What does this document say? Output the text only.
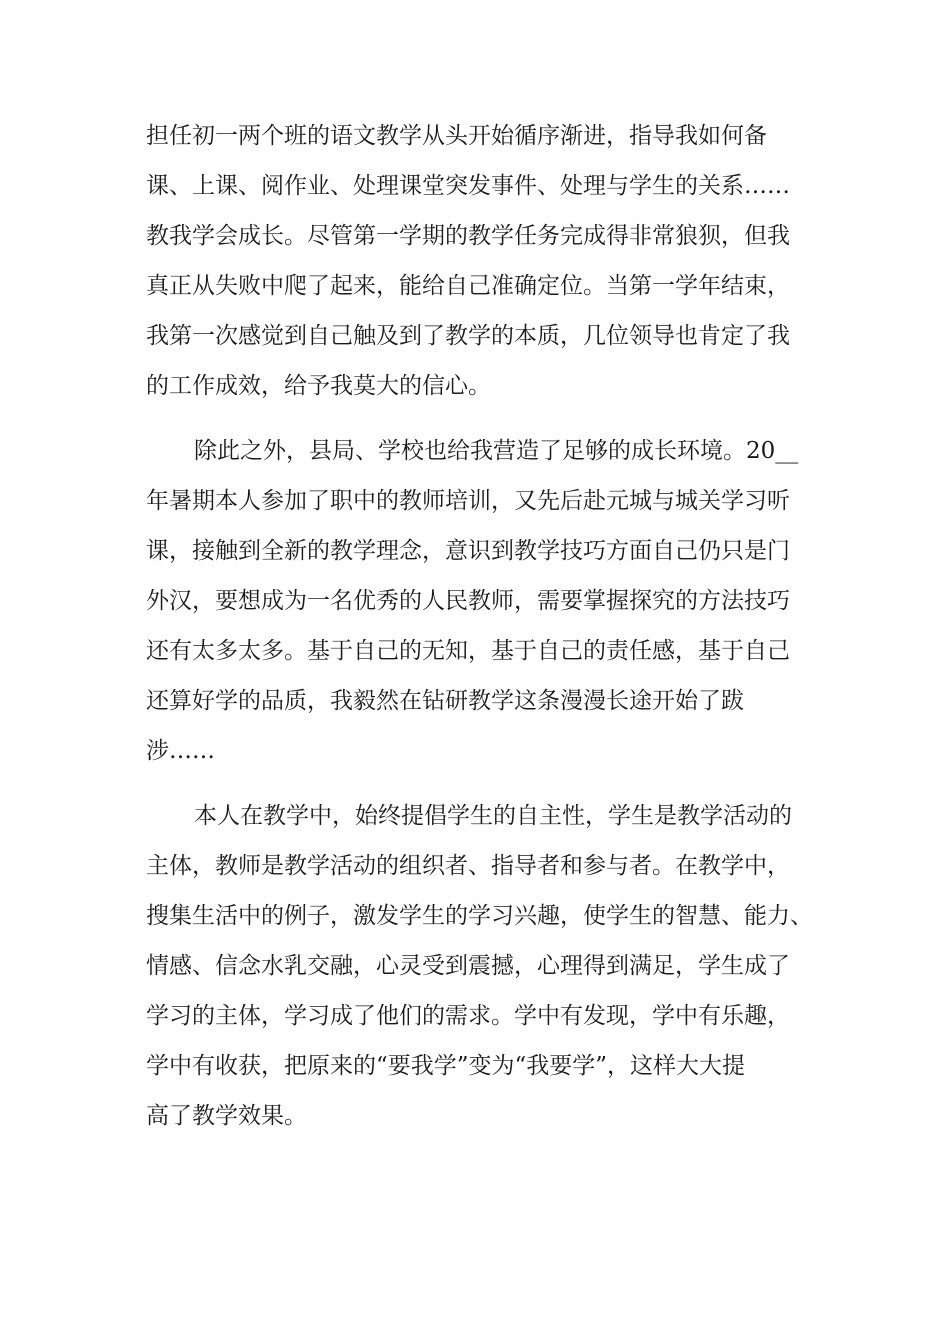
担任初一两个班的语文教学从头开始循序渐进，指导我如何备
课、上课、阅作业、处理课堂突发事件、处理与学生的关系……
教我学会成长。尽管第一学期的教学任务完成得非常狼狈，但我
真正从失败中爬了起来，能给自己准确定位。当第一学年结束，
我第一次感觉到自己触及到了教学的本质，几位领导也肯定了我
的工作成效，给予我莫大的信心。
除此之外，县局、学校也给我营造了足够的成长环境。20__
年暑期本人参加了职中的教师培训，又先后赴元城与城关学习听
课，接触到全新的教学理念，意识到教学技巧方面自己仍只是门
外汉，要想成为一名优秀的人民教师，需要掌握探究的方法技巧
还有太多太多。基于自己的无知，基于自己的责任感，基于自己
还算好学的品质，我毅然在钻研教学这条漫漫长途开始了跋
涉……
本人在教学中，始终提倡学生的自主性，学生是教学活动的
主体，教师是教学活动的组织者、指导者和参与者。在教学中，
搜集生活中的例子，激发学生的学习兴趣，使学生的智慧、能力、
情感、信念水乳交融，心灵受到震撼，心理得到满足，学生成了
学习的主体，学习成了他们的需求。学中有发现，学中有乐趣，
学中有收获，把原来的“要我学”变为“我要学”，这样大大提
高了教学效果。
